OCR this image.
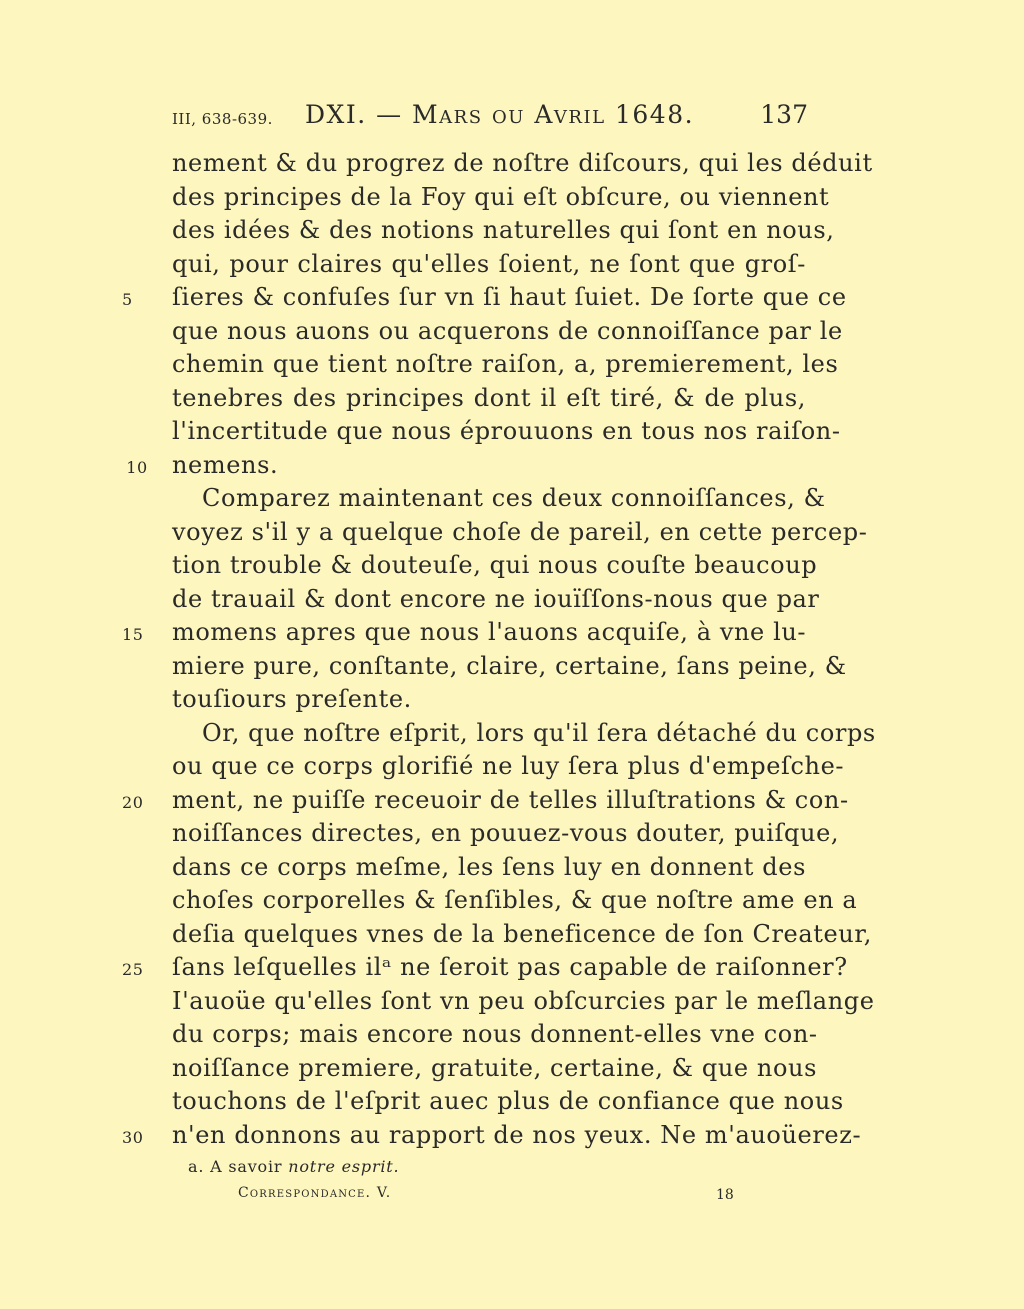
III, 638-639. DXI. — Mars ou Avril 1648.	137
nement & du progrez de noſtre diſcours, qui les déduit
des principes de la Foy qui eſt obſcure, ou viennent
des idées & des notions naturelles qui ſont en nous,
qui, pour claires qu'elles ſoient, ne ſont que groſ-
5	ſieres & confuſes ſur vn ſi haut ſuiet. De ſorte que ce
que nous auons ou acquerons de connoiſſance par le
chemin que tient noſtre raiſon, a, premierement, les
tenebres des principes dont il eſt tiré, & de plus,
l'incertitude que nous éprouuons en tous nos raiſon-
10 nemens.
Comparez maintenant ces deux connoiſſances, &
voyez s'il y a quelque choſe de pareil, en cette percep-
tion trouble & douteuſe, qui nous couſte beaucoup
de trauail & dont encore ne iouïſſons-nous que par
15	momens apres que nous l'auons acquiſe, à vne lu-
miere pure, conſtante, claire, certaine, ſans peine, &
touſiours preſente.
Or, que noſtre eſprit, lors qu'il ſera détaché du corps
ou que ce corps glorifié ne luy ſera plus d'empeſche-
20	ment, ne puiſſe receuoir de telles illuſtrations & con-
noiſſances directes, en pouuez-vous douter, puiſque,
dans ce corps meſme, les ſens luy en donnent des
choſes corporelles & ſenſibles, & que noſtre ame en a
deſia quelques vnes de la beneficence de ſon Createur,
25	ſans leſquelles ilᵃ ne ſeroit pas capable de raiſonner?
I'auoüe qu'elles ſont vn peu obſcurcies par le meſlange
du corps; mais encore nous donnent-elles vne con-
noiſſance premiere, gratuite, certaine, & que nous
touchons de l'eſprit auec plus de confiance que nous
30	n'en donnons au rapport de nos yeux. Ne m'auoüerez-
a. A savoir notre esprit.
Correspondance. V.	18
